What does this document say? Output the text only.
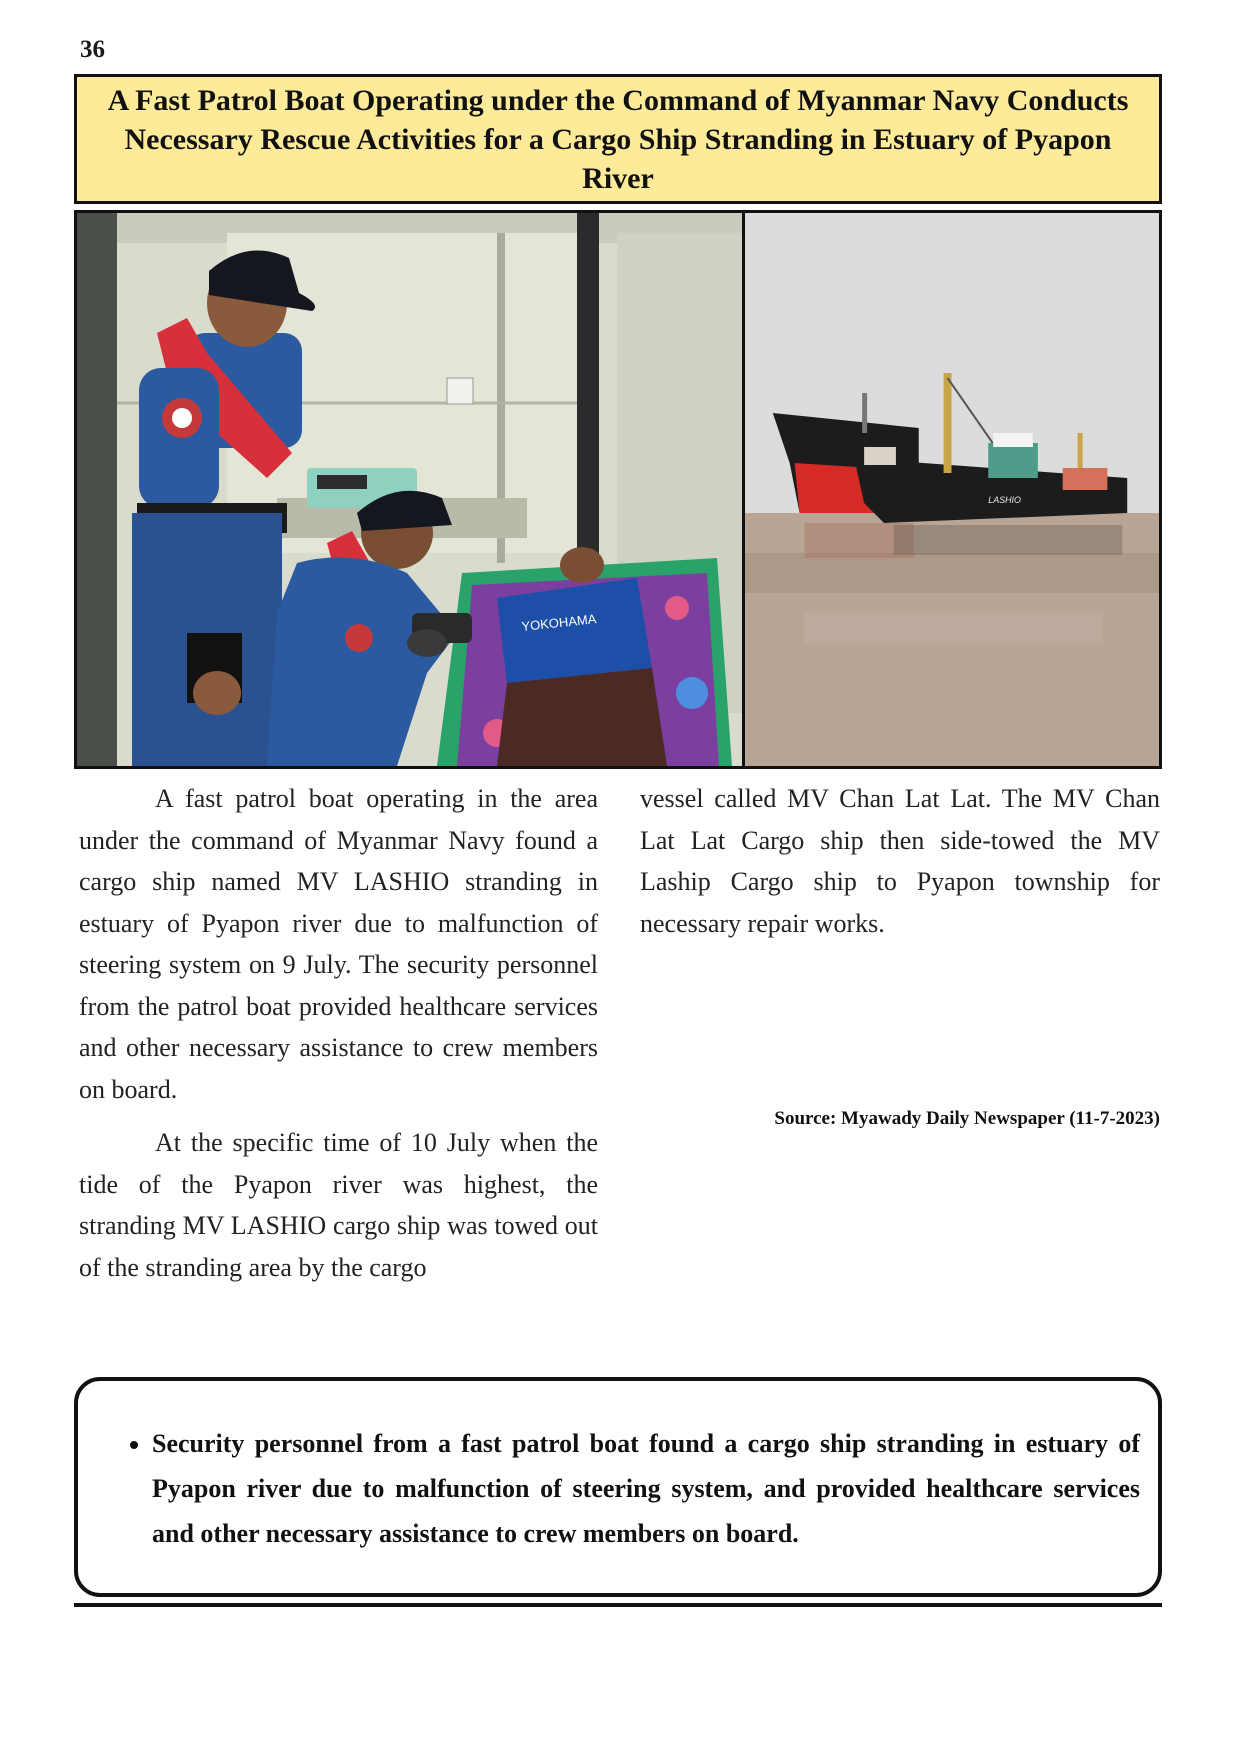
36
A Fast Patrol Boat Operating under the Command of Myanmar Navy Conducts Necessary Rescue Activities for a Cargo Ship Stranding in Estuary of Pyapon River
YOKOHAMA
LASHIO

A fast patrol boat operating in the area under the command of Myanmar Navy found a cargo ship named MV LASHIO stranding in estuary of Pyapon river due to malfunction of steering system on 9 July. The security personnel from the patrol boat provided healthcare services and other necessary assistance to crew members on board.

At the specific time of 10 July when the tide of the Pyapon river was highest, the stranding MV LASHIO cargo ship was towed out of the stranding area by the cargo

vessel called MV Chan Lat Lat. The MV Chan Lat Lat Cargo ship then side-towed the MV Laship Cargo ship to Pyapon township for necessary repair works.

Source: Myawady Daily Newspaper (11-7-2023)
• Security personnel from a fast patrol boat found a cargo ship stranding in estuary of Pyapon river due to malfunction of steering system, and provided healthcare services and other necessary assistance to crew members on board.
